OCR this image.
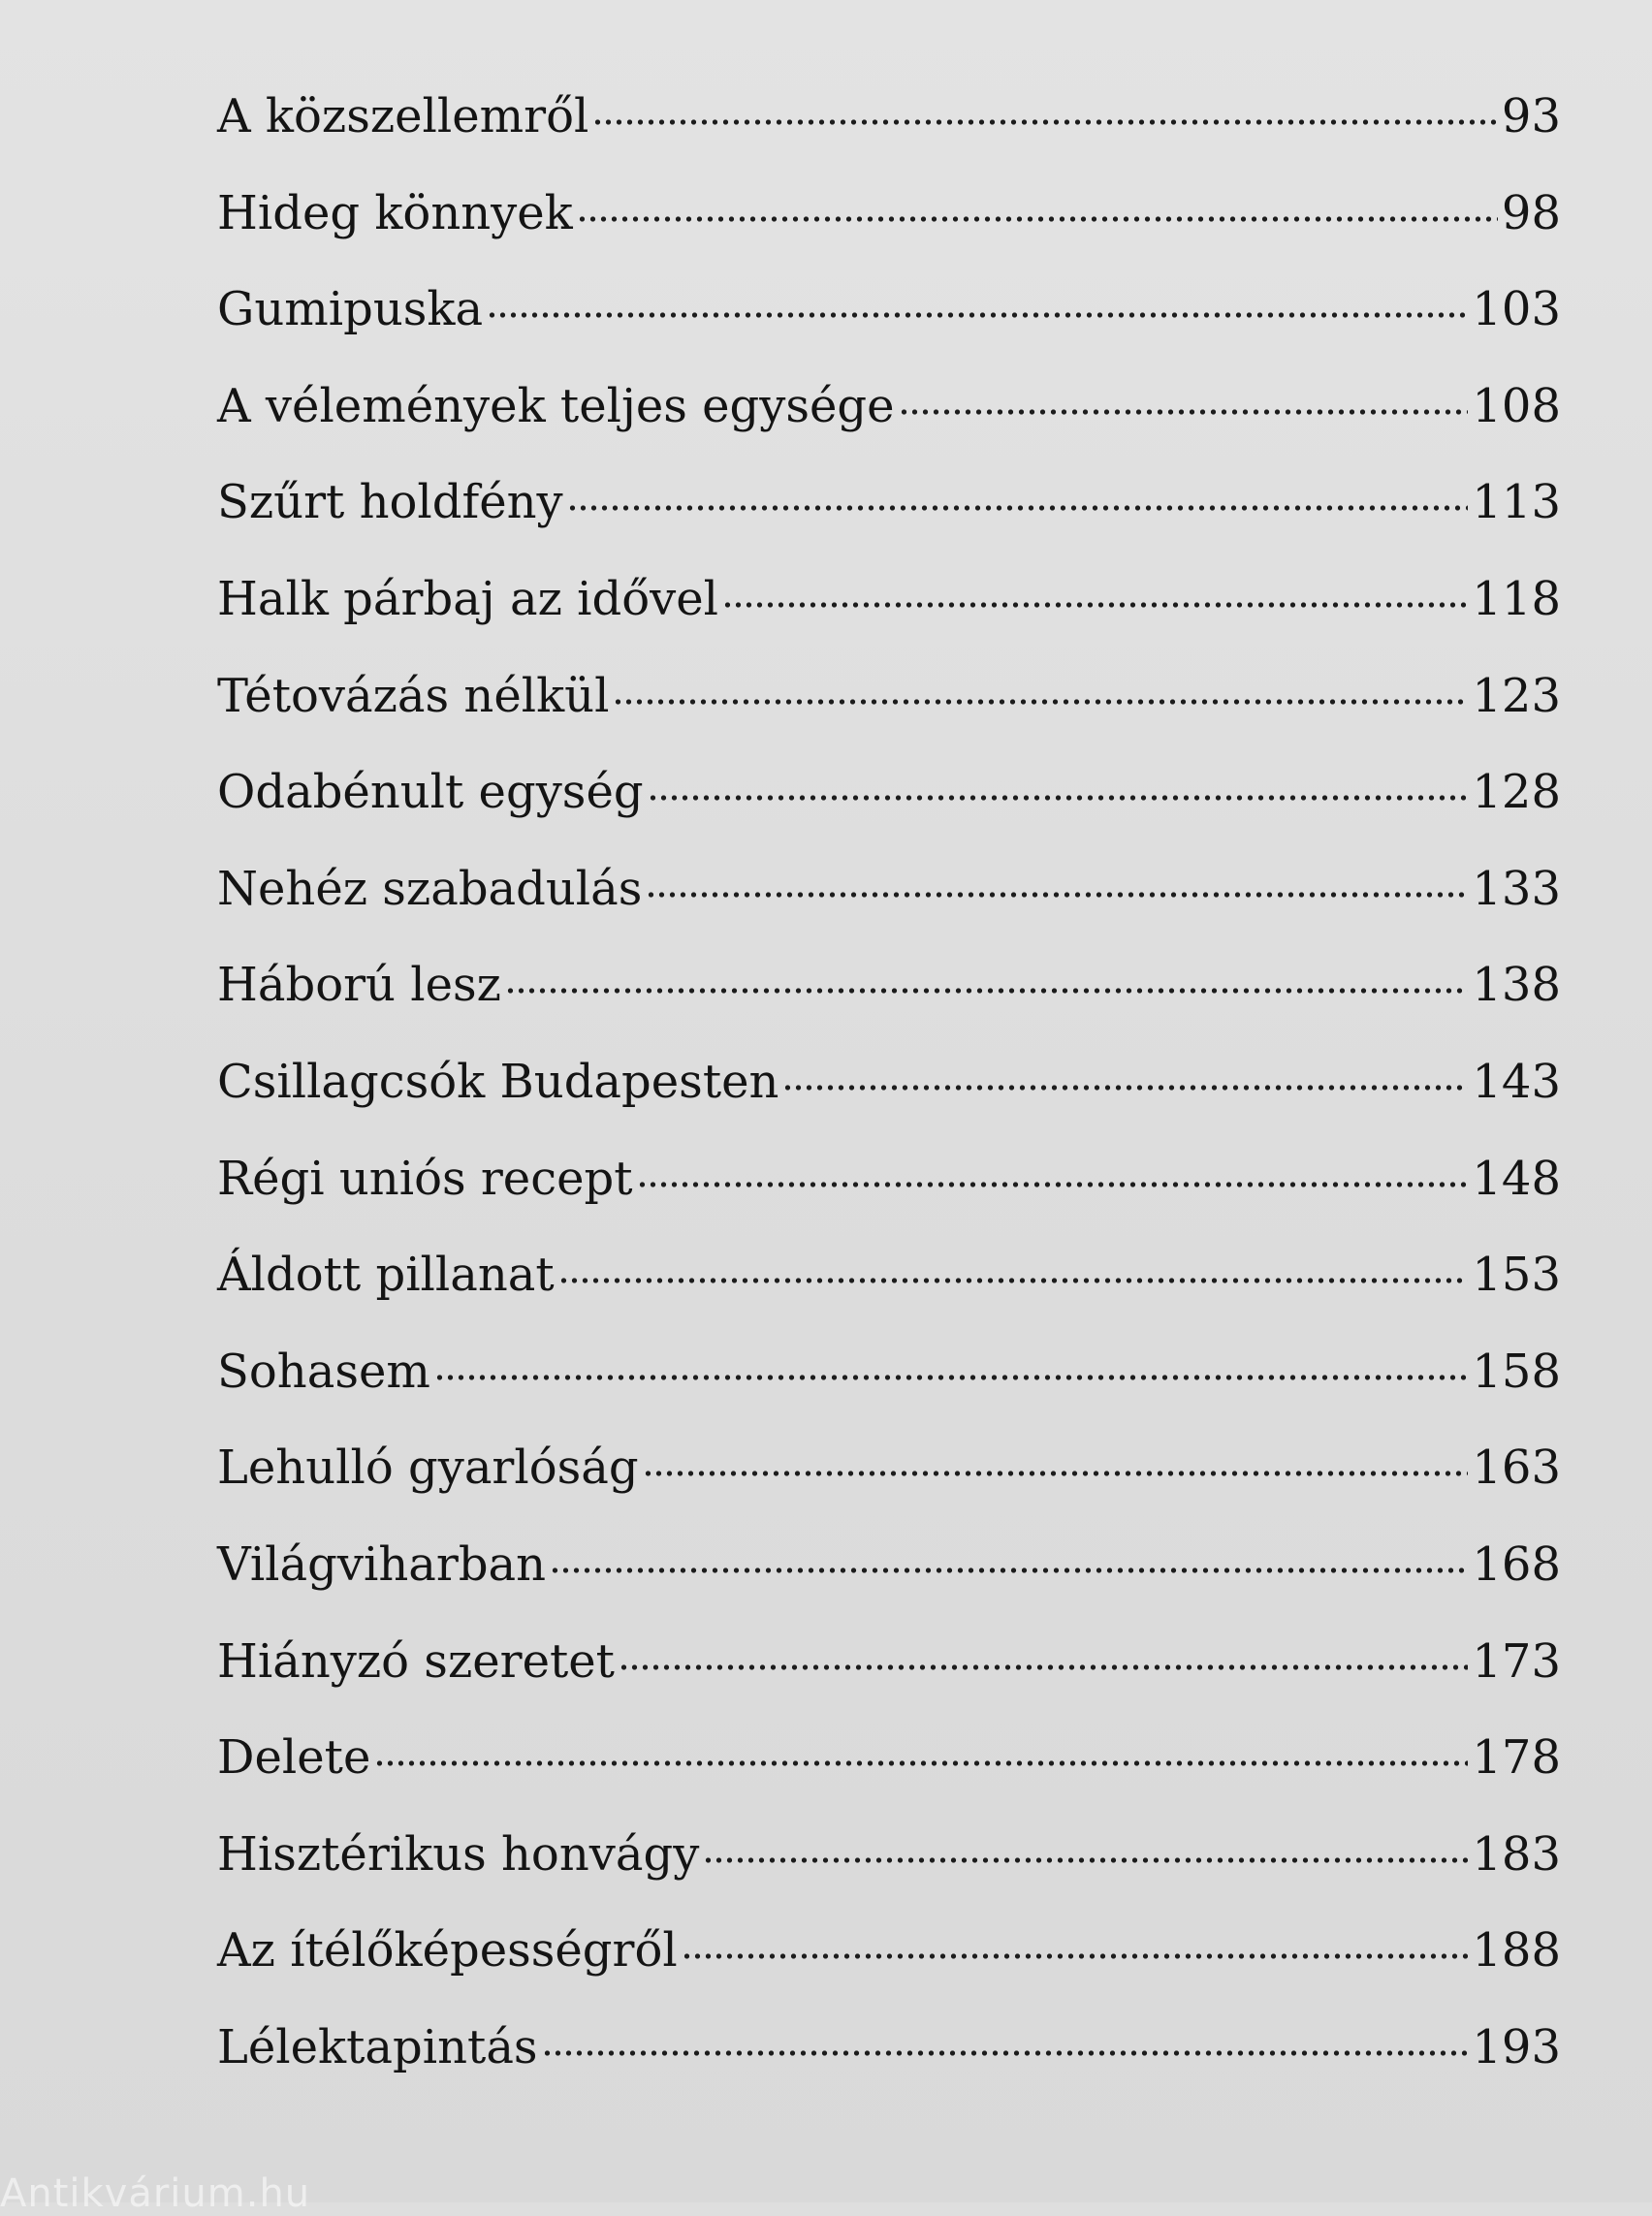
A közszellemről	93
Hideg könnyek	98
Gumipuska	103
A vélemények teljes egysége	108
Szűrt holdfény	113
Halk párbaj az idővel	118
Tétovázás nélkül	123
Odabénult egység	128
Nehéz szabadulás	133
Háború lesz	138
Csillagcsók Budapesten	143
Régi uniós recept	148
Áldott pillanat	153
Sohasem	158
Lehulló gyarlóság	163
Világviharban	168
Hiányzó szeretet	173
Delete	178
Hisztérikus honvágy	183
Az ítélőképességről	188
Lélektapintás	193
Antikvárium.hu
